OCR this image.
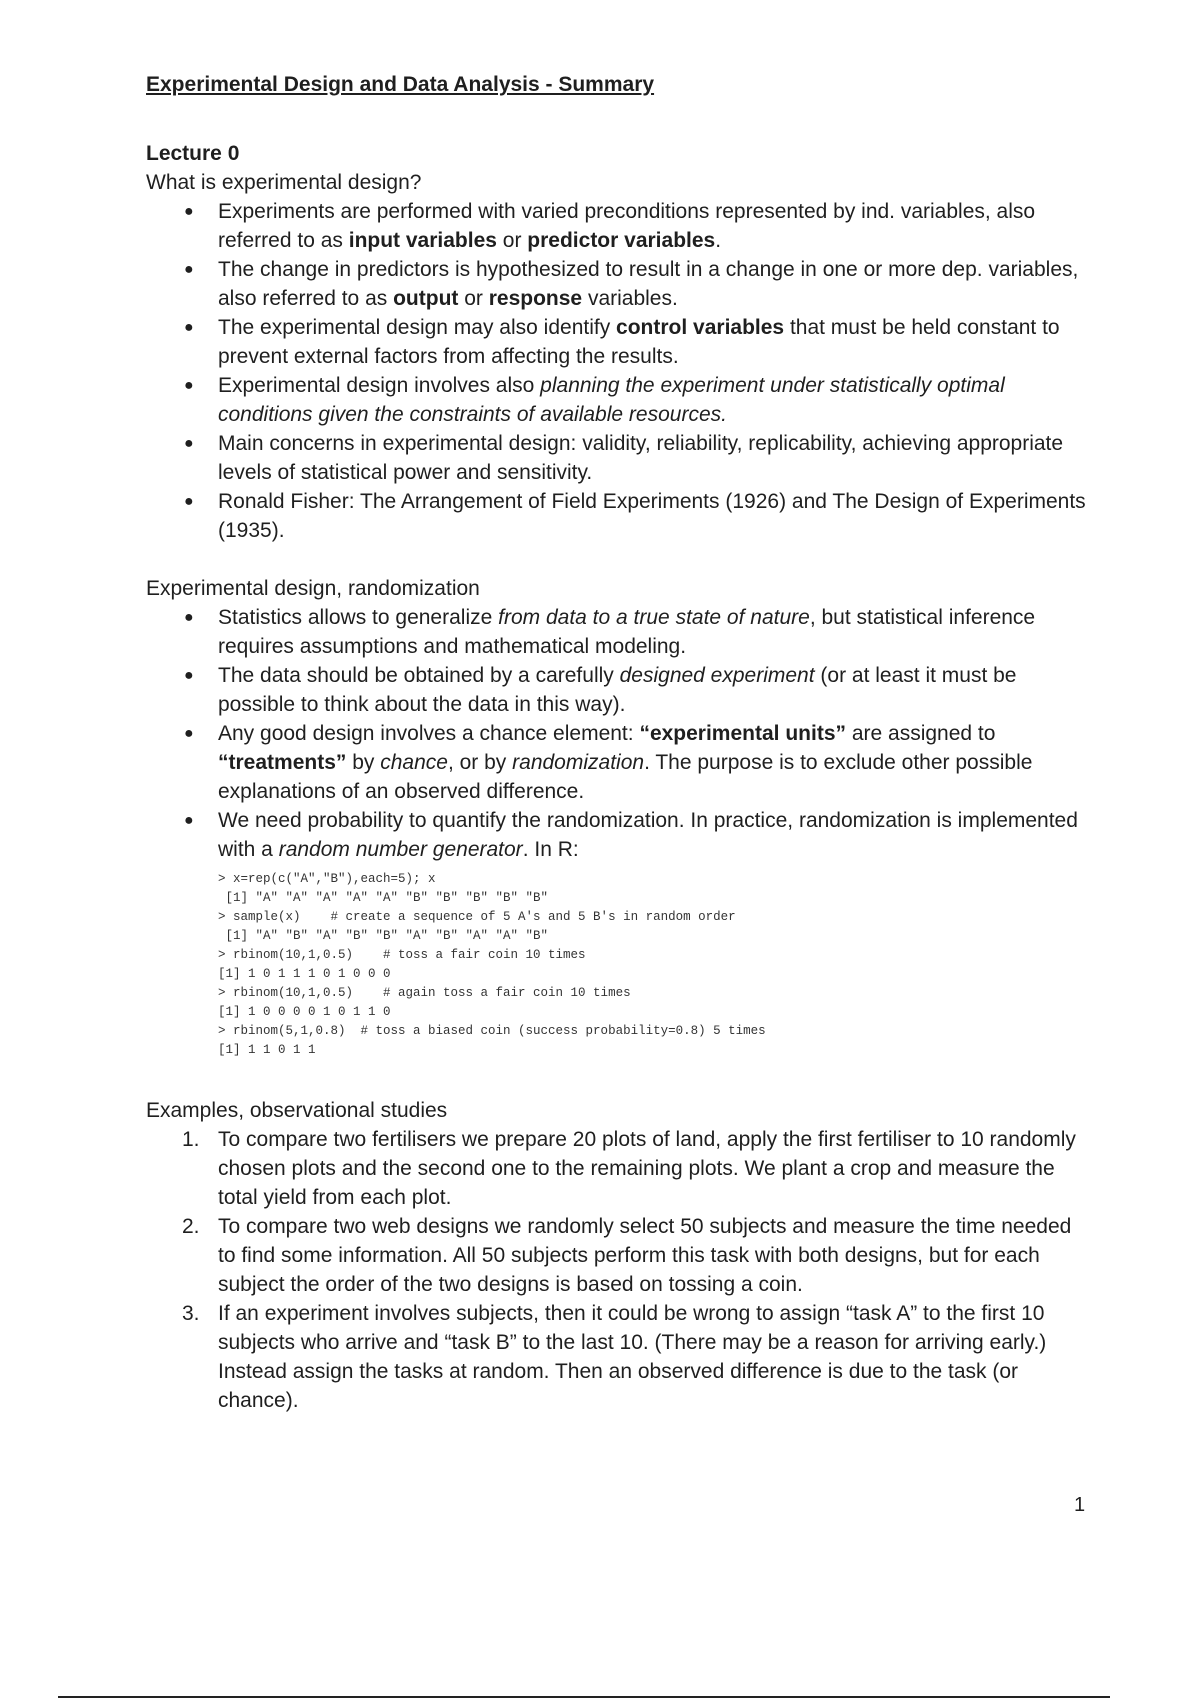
Experimental Design and Data Analysis - Summary
Lecture 0
What is experimental design?
● Experiments are performed with varied preconditions represented by ind. variables, also referred to as input variables or predictor variables.
● The change in predictors is hypothesized to result in a change in one or more dep. variables, also referred to as output or response variables.
● The experimental design may also identify control variables that must be held constant to prevent external factors from affecting the results.
● Experimental design involves also planning the experiment under statistically optimal conditions given the constraints of available resources.
● Main concerns in experimental design: validity, reliability, replicability, achieving appropriate levels of statistical power and sensitivity.
● Ronald Fisher: The Arrangement of Field Experiments (1926) and The Design of Experiments (1935).
Experimental design, randomization
● Statistics allows to generalize from data to a true state of nature, but statistical inference requires assumptions and mathematical modeling.
● The data should be obtained by a carefully designed experiment (or at least it must be possible to think about the data in this way).
● Any good design involves a chance element: “experimental units” are assigned to “treatments” by chance, or by randomization. The purpose is to exclude other possible explanations of an observed difference.
● We need probability to quantify the randomization. In practice, randomization is implemented with a random number generator. In R:
> x=rep(c("A","B"),each=5); x
[1] "A" "A" "A" "A" "A" "B" "B" "B" "B" "B"
> sample(x)    # create a sequence of 5 A's and 5 B's in random order
[1] "A" "B" "A" "B" "B" "A" "B" "A" "A" "B"
> rbinom(10,1,0.5)    # toss a fair coin 10 times
[1] 1 0 1 1 1 0 1 0 0 0
> rbinom(10,1,0.5)    # again toss a fair coin 10 times
[1] 1 0 0 0 0 1 0 1 1 0
> rbinom(5,1,0.8)  # toss a biased coin (success probability=0.8) 5 times
[1] 1 1 0 1 1
Examples, observational studies
1. To compare two fertilisers we prepare 20 plots of land, apply the first fertiliser to 10 randomly chosen plots and the second one to the remaining plots. We plant a crop and measure the total yield from each plot.
2. To compare two web designs we randomly select 50 subjects and measure the time needed to find some information. All 50 subjects perform this task with both designs, but for each subject the order of the two designs is based on tossing a coin.
3. If an experiment involves subjects, then it could be wrong to assign “task A” to the first 10 subjects who arrive and “task B” to the last 10. (There may be a reason for arriving early.) Instead assign the tasks at random. Then an observed difference is due to the task (or chance).
1
